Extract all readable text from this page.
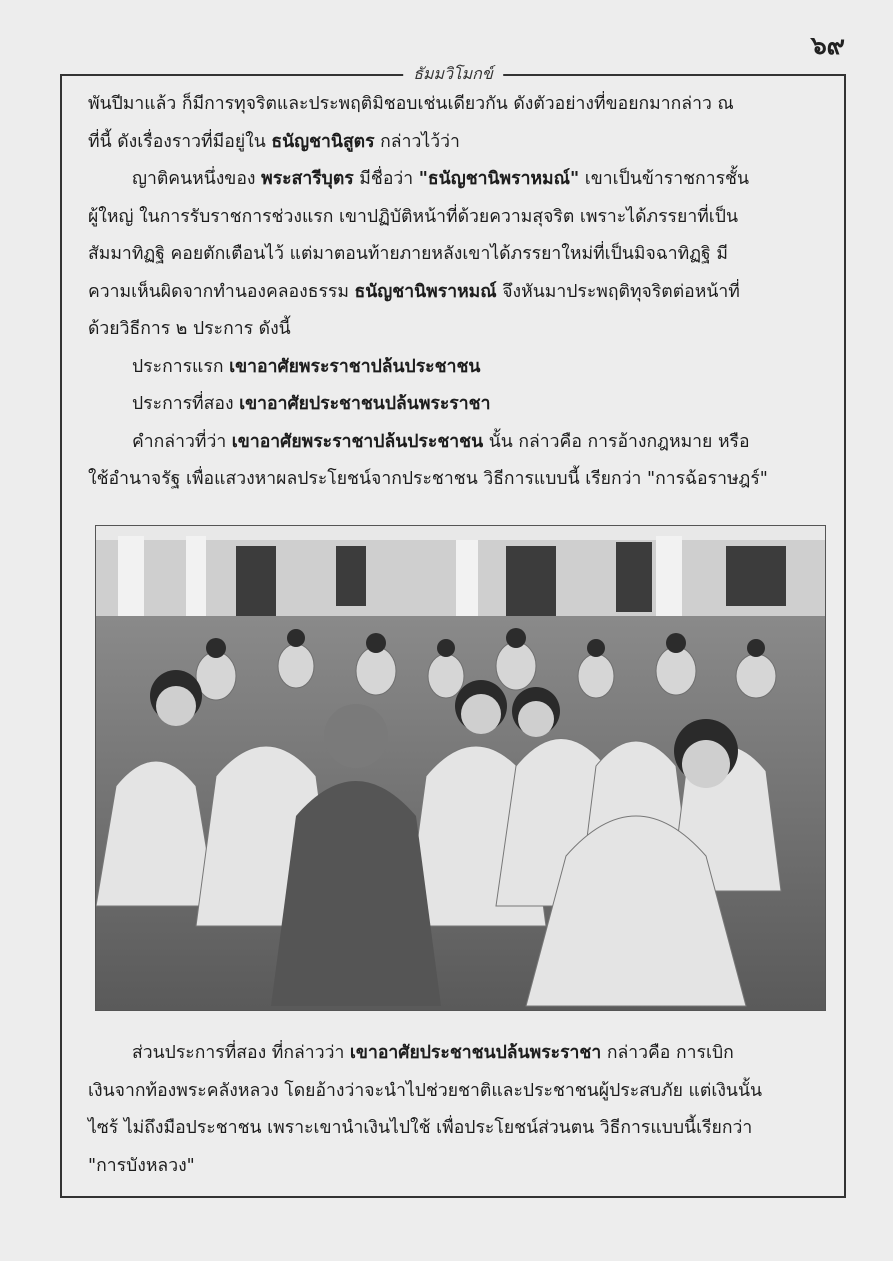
๖๙
ธัมมวิโมกข์

พันปีมาแล้ว ก็มีการทุจริตและประพฤติมิชอบเช่นเดียวกัน ดังตัวอย่างที่ขอยกมากล่าว ณ

ที่นี้ ดังเรื่องราวที่มีอยู่ใน ธนัญชานิสูตร กล่าวไว้ว่า

ญาติคนหนึ่งของ พระสารีบุตร มีชื่อว่า "ธนัญชานิพราหมณ์" เขาเป็นข้าราชการชั้น

ผู้ใหญ่ ในการรับราชการช่วงแรก เขาปฏิบัติหน้าที่ด้วยความสุจริต เพราะได้ภรรยาที่เป็น

สัมมาทิฏฐิ คอยตักเตือนไว้ แต่มาตอนท้ายภายหลังเขาได้ภรรยาใหม่ที่เป็นมิจฉาทิฏฐิ มี

ความเห็นผิดจากทำนองคลองธรรม ธนัญชานิพราหมณ์ จึงหันมาประพฤติทุจริตต่อหน้าที่

ด้วยวิธีการ ๒ ประการ ดังนี้

ประการแรก เขาอาศัยพระราชาปล้นประชาชน

ประการที่สอง เขาอาศัยประชาชนปล้นพระราชา

คำกล่าวที่ว่า เขาอาศัยพระราชาปล้นประชาชน นั้น กล่าวคือ การอ้างกฎหมาย หรือ

ใช้อำนาจรัฐ เพื่อแสวงหาผลประโยชน์จากประชาชน วิธีการแบบนี้ เรียกว่า "การฉ้อราษฎร์"

ส่วนประการที่สอง ที่กล่าวว่า เขาอาศัยประชาชนปล้นพระราชา กล่าวคือ การเบิก

เงินจากท้องพระคลังหลวง โดยอ้างว่าจะนำไปช่วยชาติและประชาชนผู้ประสบภัย แต่เงินนั้น

ไซร้ ไม่ถึงมือประชาชน เพราะเขานำเงินไปใช้ เพื่อประโยชน์ส่วนตน วิธีการแบบนี้เรียกว่า

"การบังหลวง"
